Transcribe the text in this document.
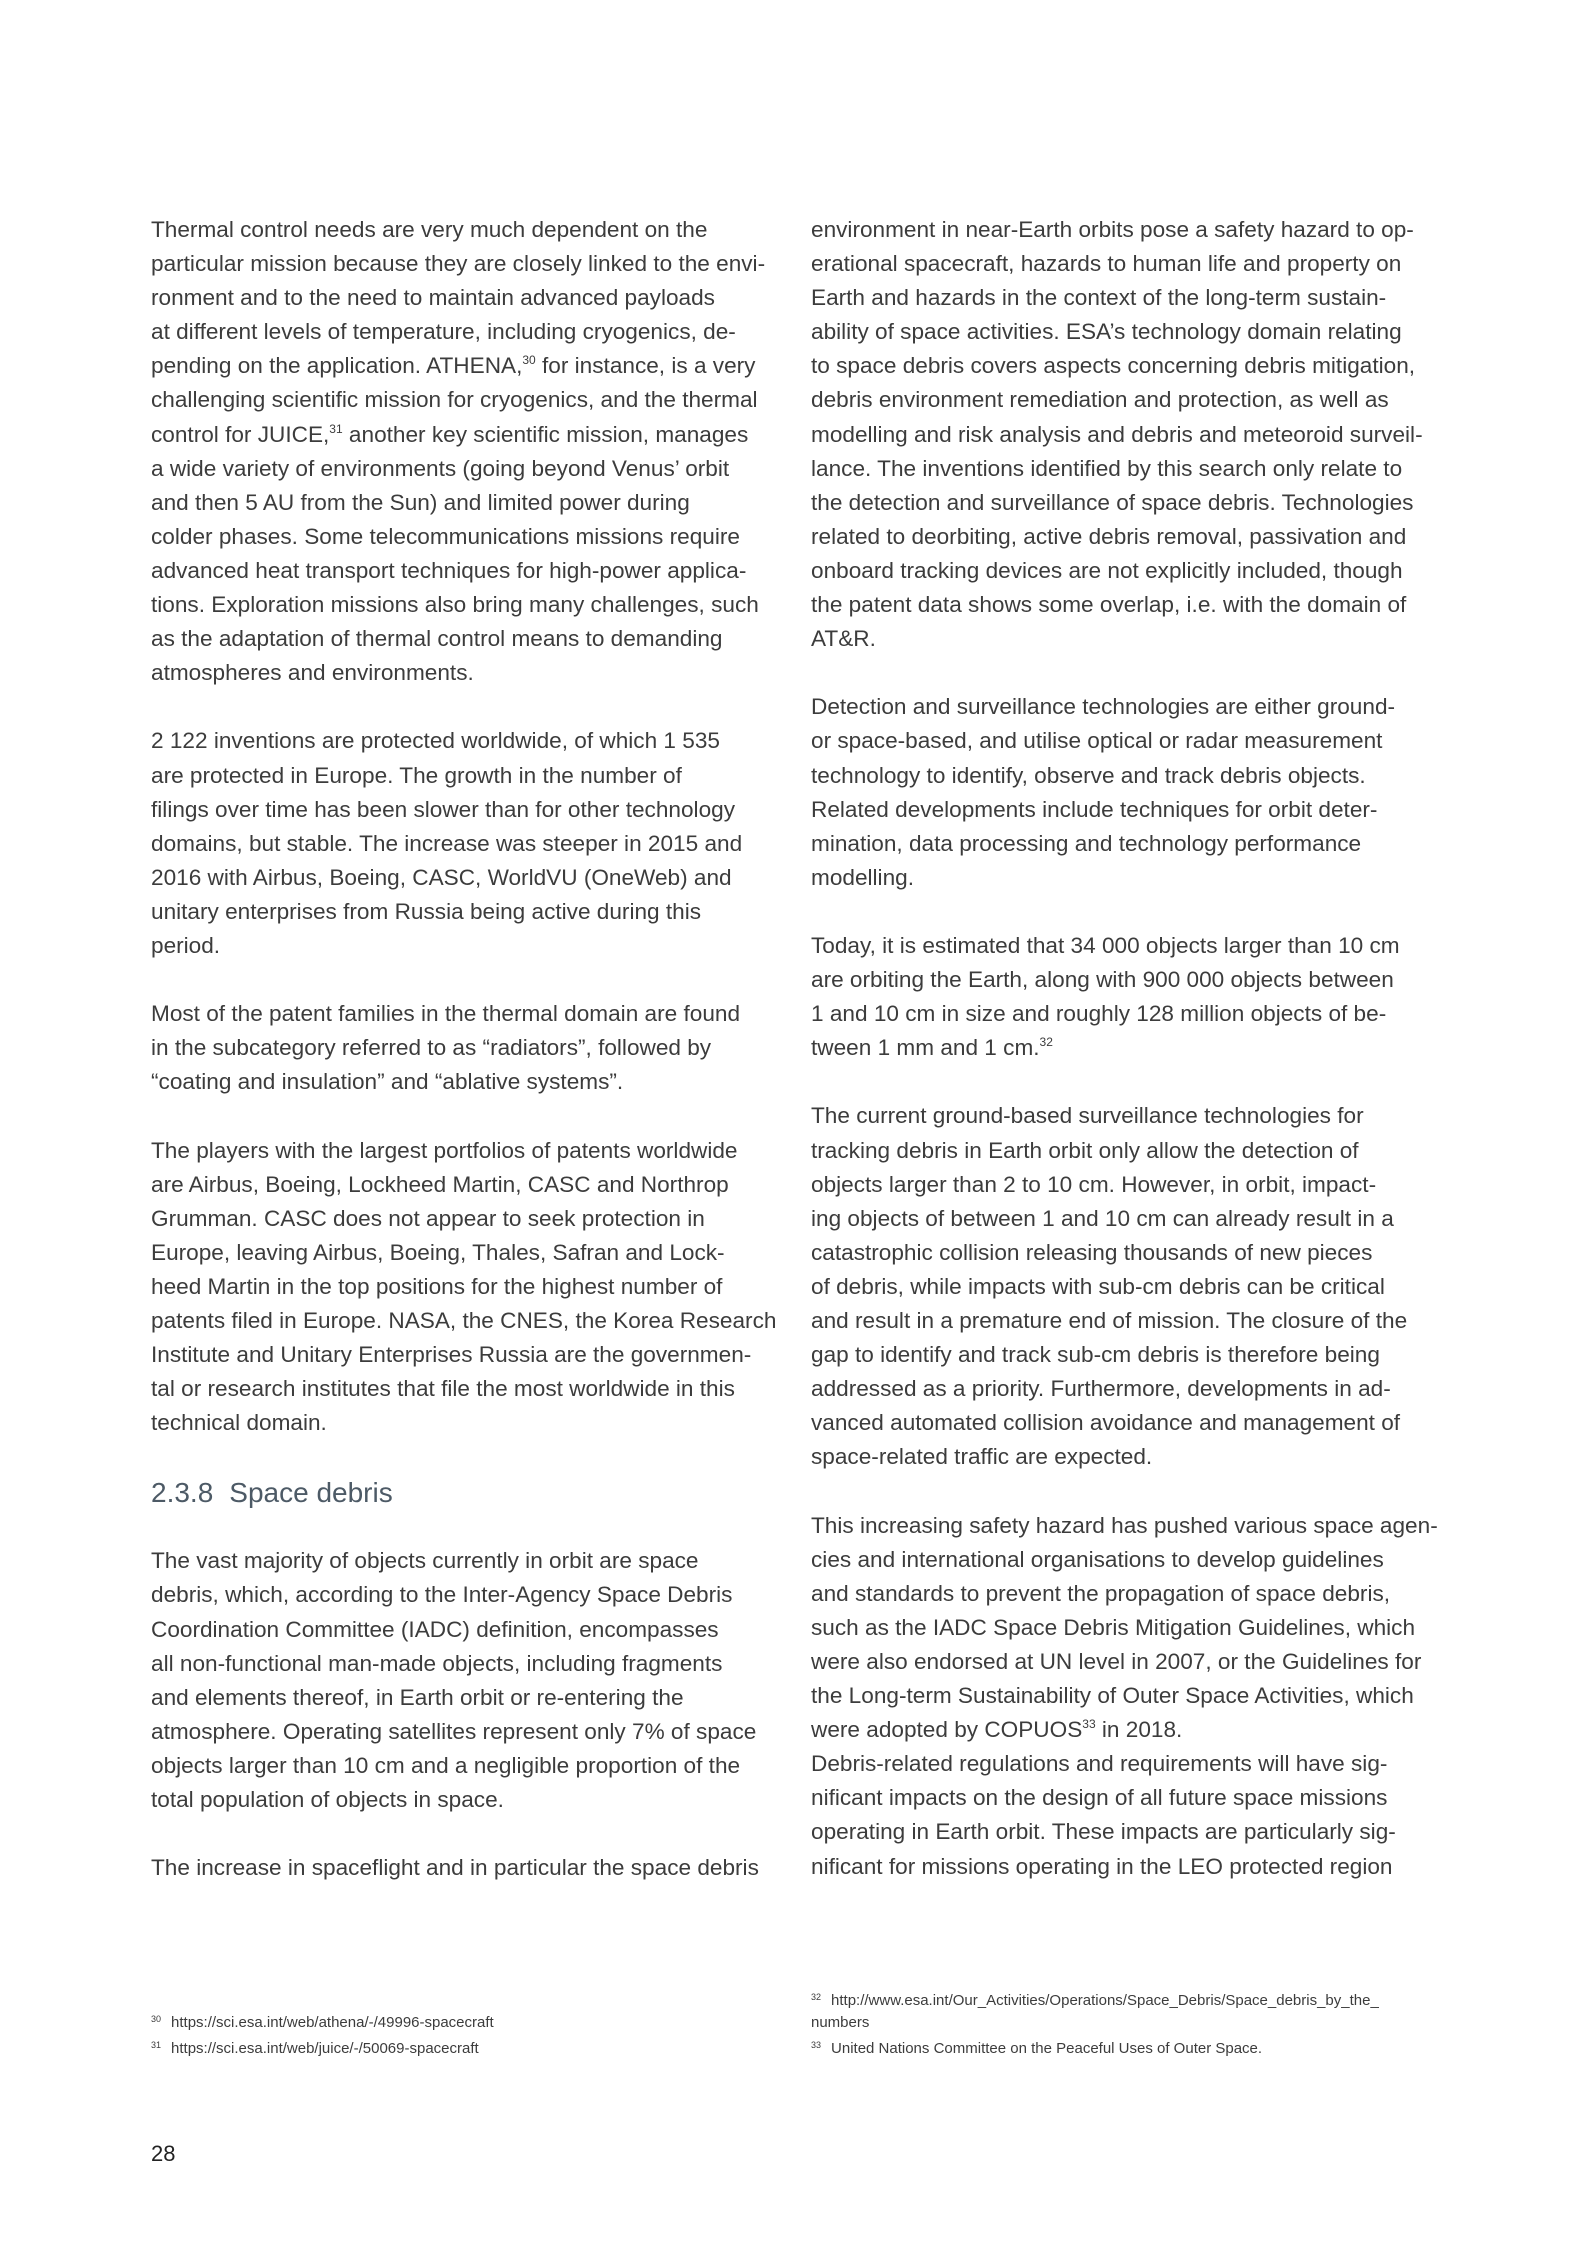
Thermal control needs are very much dependent on the
particular mission because they are closely linked to the envi-
ronment and to the need to maintain advanced payloads
at different levels of temperature, including cryogenics, de-
pending on the application. ATHENA,$^{30}$ for instance, is a very
challenging scientific mission for cryogenics, and the thermal
control for JUICE,$^{31}$ another key scientific mission, manages
a wide variety of environments (going beyond Venus’ orbit
and then 5 AU from the Sun) and limited power during
colder phases. Some telecommunications missions require
advanced heat transport techniques for high-power applica-
tions. Exploration missions also bring many challenges, such
as the adaptation of thermal control means to demanding
atmospheres and environments.
2 122 inventions are protected worldwide, of which 1 535
are protected in Europe. The growth in the number of
filings over time has been slower than for other technology
domains, but stable. The increase was steeper in 2015 and
2016 with Airbus, Boeing, CASC, WorldVU (OneWeb) and
unitary enterprises from Russia being active during this
period.
Most of the patent families in the thermal domain are found
in the subcategory referred to as “radiators”, followed by
“coating and insulation” and “ablative systems”.
The players with the largest portfolios of patents worldwide
are Airbus, Boeing, Lockheed Martin, CASC and Northrop
Grumman. CASC does not appear to seek protection in
Europe, leaving Airbus, Boeing, Thales, Safran and Lock-
heed Martin in the top positions for the highest number of
patents filed in Europe. NASA, the CNES, the Korea Research
Institute and Unitary Enterprises Russia are the governmen-
tal or research institutes that file the most worldwide in this
technical domain.
2.3.8 Space debris
The vast majority of objects currently in orbit are space
debris, which, according to the Inter-Agency Space Debris
Coordination Committee (IADC) definition, encompasses
all non-functional man-made objects, including fragments
and elements thereof, in Earth orbit or re-entering the
atmosphere. Operating satellites represent only 7% of space
objects larger than 10 cm and a negligible proportion of the
total population of objects in space.
The increase in spaceflight and in particular the space debris
environment in near-Earth orbits pose a safety hazard to op-
erational spacecraft, hazards to human life and property on
Earth and hazards in the context of the long-term sustain-
ability of space activities. ESA’s technology domain relating
to space debris covers aspects concerning debris mitigation,
debris environment remediation and protection, as well as
modelling and risk analysis and debris and meteoroid surveil-
lance. The inventions identified by this search only relate to
the detection and surveillance of space debris. Technologies
related to deorbiting, active debris removal, passivation and
onboard tracking devices are not explicitly included, though
the patent data shows some overlap, i.e. with the domain of
AT&R.
Detection and surveillance technologies are either ground-
or space-based, and utilise optical or radar measurement
technology to identify, observe and track debris objects.
Related developments include techniques for orbit deter-
mination, data processing and technology performance
modelling.
Today, it is estimated that 34 000 objects larger than 10 cm
are orbiting the Earth, along with 900 000 objects between
1 and 10 cm in size and roughly 128 million objects of be-
tween 1 mm and 1 cm.$^{32}$
The current ground-based surveillance technologies for
tracking debris in Earth orbit only allow the detection of
objects larger than 2 to 10 cm. However, in orbit, impact-
ing objects of between 1 and 10 cm can already result in a
catastrophic collision releasing thousands of new pieces
of debris, while impacts with sub-cm debris can be critical
and result in a premature end of mission. The closure of the
gap to identify and track sub-cm debris is therefore being
addressed as a priority. Furthermore, developments in ad-
vanced automated collision avoidance and management of
space-related traffic are expected.
This increasing safety hazard has pushed various space agen-
cies and international organisations to develop guidelines
and standards to prevent the propagation of space debris,
such as the IADC Space Debris Mitigation Guidelines, which
were also endorsed at UN level in 2007, or the Guidelines for
the Long-term Sustainability of Outer Space Activities, which
were adopted by COPUOS$^{33}$ in 2018.
Debris-related regulations and requirements will have sig-
nificant impacts on the design of all future space missions
operating in Earth orbit. These impacts are particularly sig-
nificant for missions operating in the LEO protected region
$^{30}$ https://sci.esa.int/web/athena/-/49996-spacecraft
$^{31}$ https://sci.esa.int/web/juice/-/50069-spacecraft
$^{32}$ http://www.esa.int/Our_Activities/Operations/Space_Debris/Space_debris_by_the_
numbers
$^{33}$ United Nations Committee on the Peaceful Uses of Outer Space.
28
